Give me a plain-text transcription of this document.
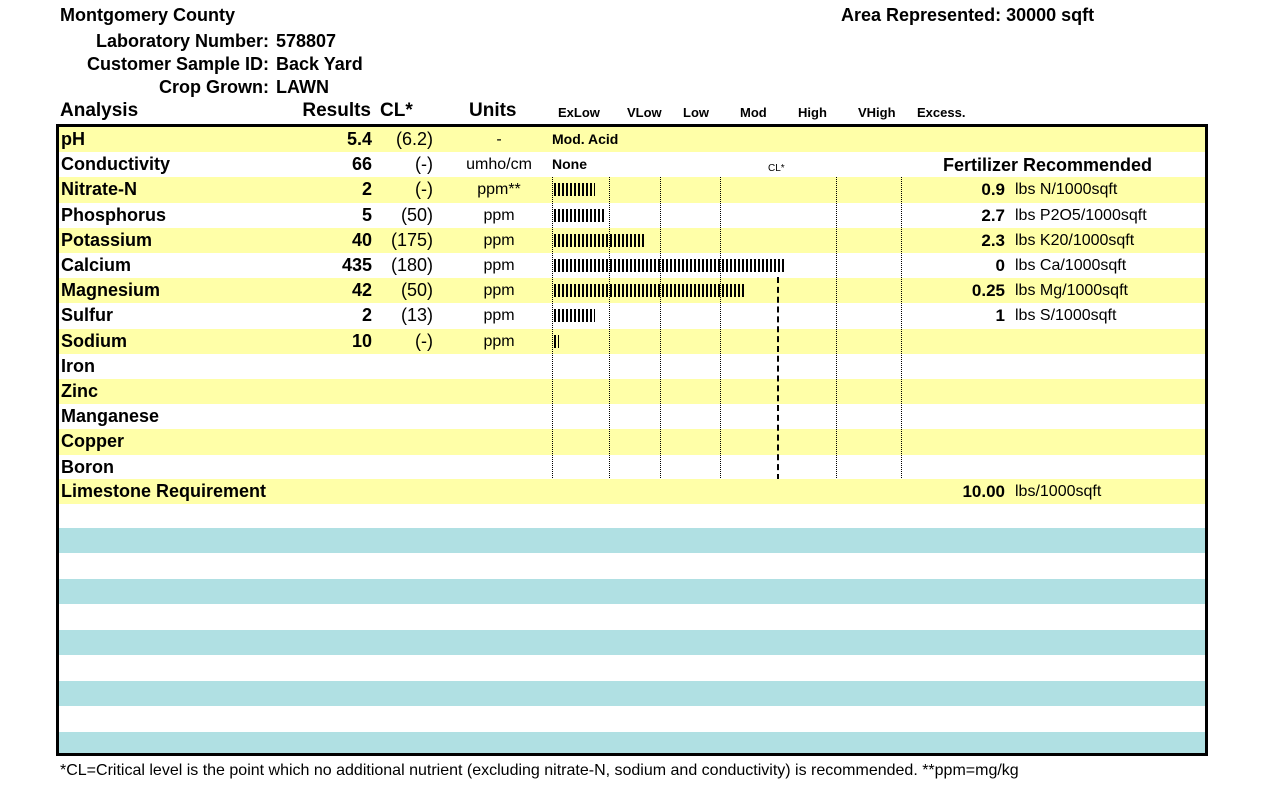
Montgomery County	Area Represented: 30000 sqft
Laboratory Number: 578807
Customer Sample ID: Back Yard
Crop Grown: LAWN
Analysis	Results CL*	Units	ExLow VLow Low Mod High VHigh Excess.
pH	5.4 (6.2)	-	Mod. Acid
Conductivity	66 (-)	umho/cm	None
Nitrate-N	2 (-)	ppm**	0.9 lbs N/1000sqft
Phosphorus	5 (50)	ppm	2.7 lbs P2O5/1000sqft
Potassium	40 (175)	ppm	2.3 lbs K20/1000sqft
Calcium	435 (180)	ppm	0 lbs Ca/1000sqft
Magnesium	42 (50)	ppm	0.25 lbs Mg/1000sqft
Sulfur	2 (13)	ppm	1 lbs S/1000sqft
Sodium	10 (-)	ppm
Iron
Zinc
Manganese
Copper
Boron
CL*	Fertilizer Recommended
Limestone Requirement	10.00 lbs/1000sqft
*CL=Critical level is the point which no additional nutrient (excluding nitrate-N, sodium and conductivity) is recommended. **ppm=mg/kg
